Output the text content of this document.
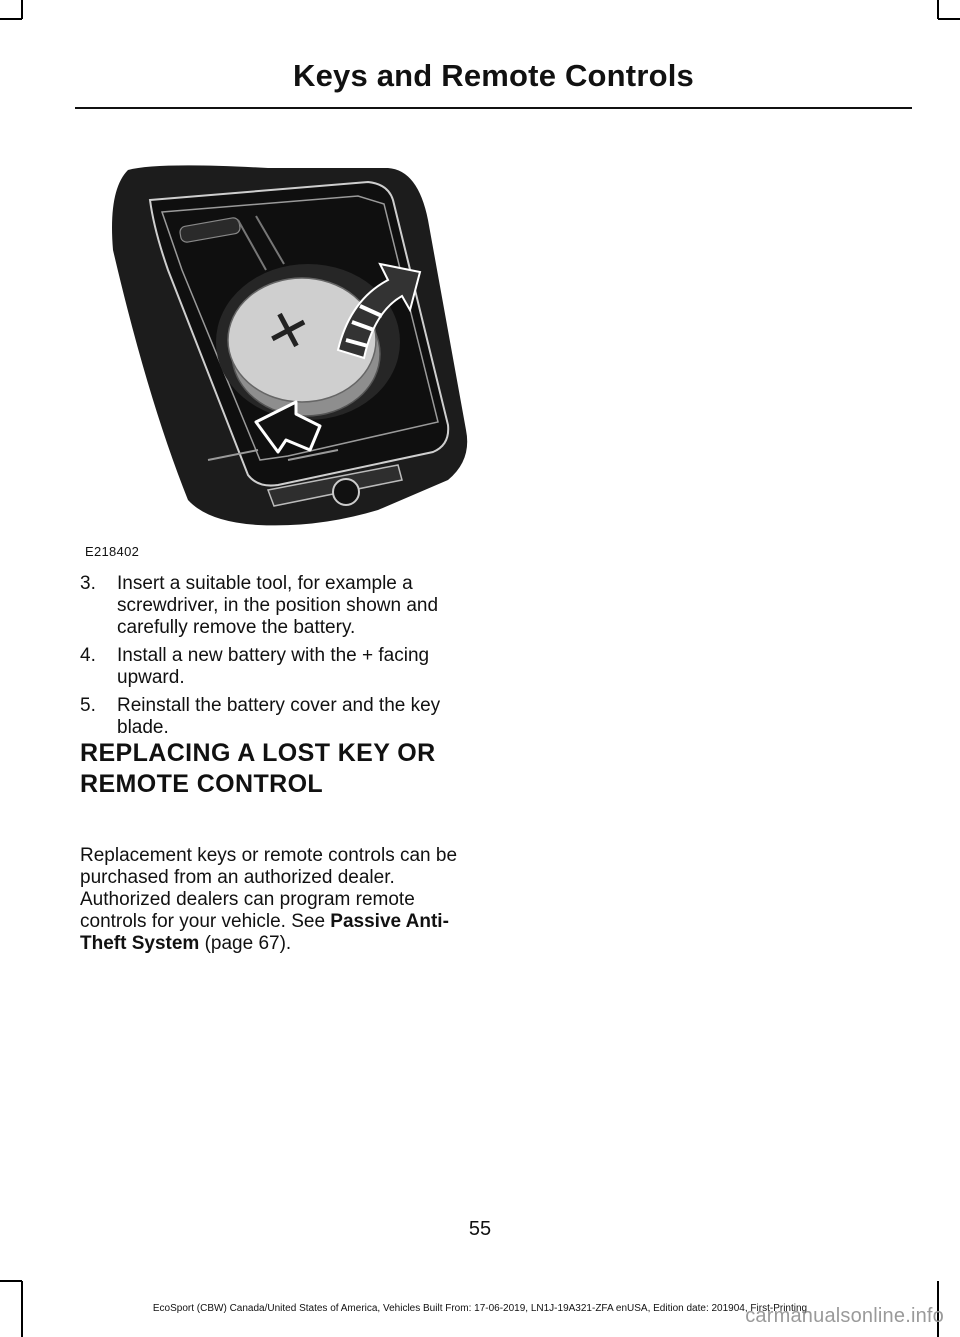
Keys and Remote Controls
E218402
3. Insert a suitable tool, for example a screwdriver, in the position shown and carefully remove the battery.
4. Install a new battery with the + facing upward.
5. Reinstall the battery cover and the key blade.
REPLACING A LOST KEY OR
REMOTE CONTROL

Replacement keys or remote controls can be purchased from an authorized dealer. Authorized dealers can program remote controls for your vehicle. See Passive Anti-Theft System (page 67).

55
EcoSport (CBW) Canada/United States of America, Vehicles Built From: 17-06-2019, LN1J-19A321-ZFA enUSA, Edition date: 201904, First-Printing
carmanualsonline.info
